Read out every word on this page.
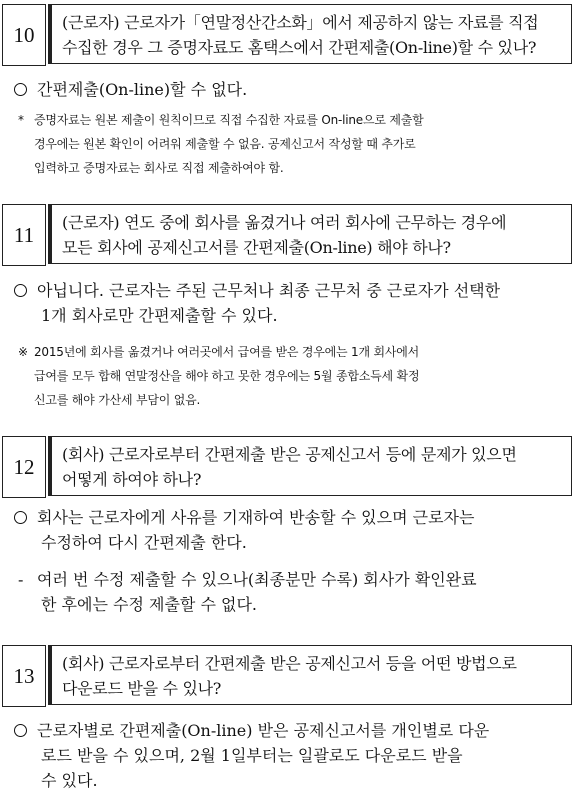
10	(근로자) 근로자가「연말정산간소화」에서 제공하지 않는 자료를 직접
수집한 경우 그 증명자료도 홈택스에서 간편제출(On-line)할 수 있나?
간편제출(On-line)할 수 없다.
* 증명자료는 원본 제출이 원칙이므로 직접 수집한 자료를 On-line으로 제출할
경우에는 원본 확인이 어려워 제출할 수 없음. 공제신고서 작성할 때 추가로
입력하고 증명자료는 회사로 직접 제출하여야 함.
11	(근로자) 연도 중에 회사를 옮겼거나 여러 회사에 근무하는 경우에
모든 회사에 공제신고서를 간편제출(On-line) 해야 하나?
아닙니다. 근로자는 주된 근무처나 최종 근무처 중 근로자가 선택한
1개 회사로만 간편제출할 수 있다.
※ 2015년에 회사를 옮겼거나 여러곳에서 급여를 받은 경우에는 1개 회사에서
급여를 모두 합해 연말정산을 해야 하고 못한 경우에는 5월 종합소득세 확정
신고를 해야 가산세 부담이 없음.
12	(회사) 근로자로부터 간편제출 받은 공제신고서 등에 문제가 있으면
어떻게 하여야 하나?
회사는 근로자에게 사유를 기재하여 반송할 수 있으며 근로자는
수정하여 다시 간편제출 한다.
- 여러 번 수정 제출할 수 있으나(최종분만 수록) 회사가 확인완료
한 후에는 수정 제출할 수 없다.
13	(회사) 근로자로부터 간편제출 받은 공제신고서 등을 어떤 방법으로
다운로드 받을 수 있나?
근로자별로 간편제출(On-line) 받은 공제신고서를 개인별로 다운
로드 받을 수 있으며, 2월 1일부터는 일괄로도 다운로드 받을
수 있다.
